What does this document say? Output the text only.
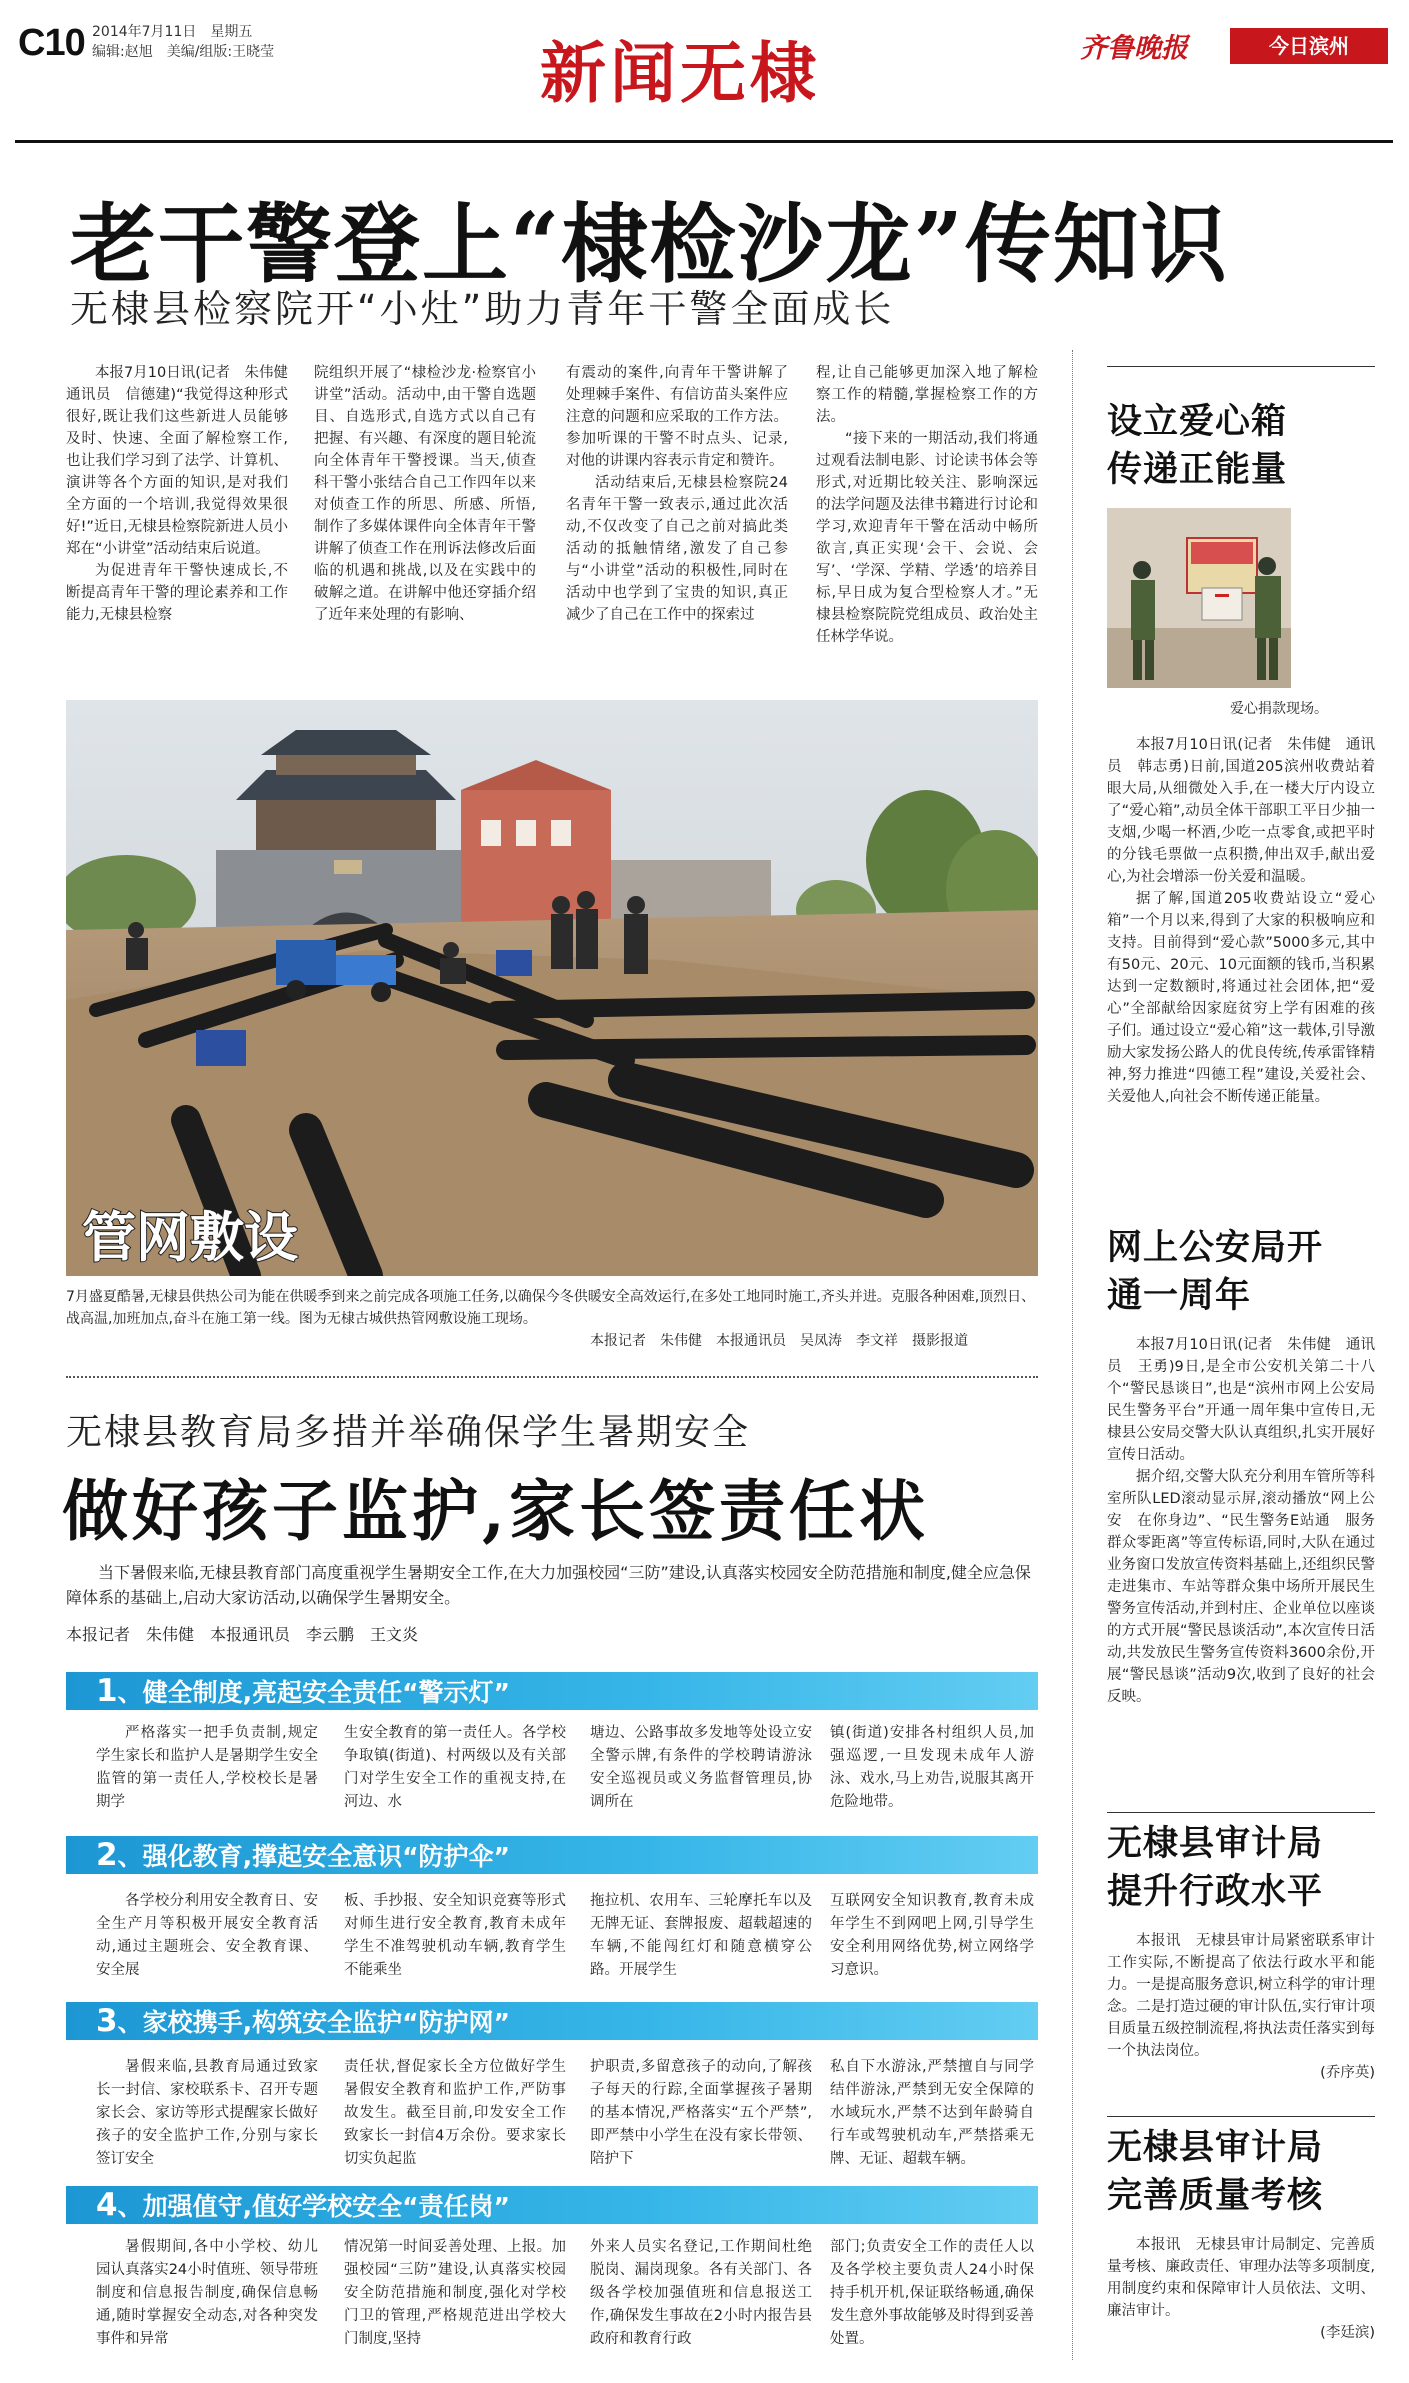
C10 2014年7月11日　星期五
编辑:赵旭　美编/组版:王晓莹	新闻无棣	齐鲁晚报	今日滨州
老干警登上“棣检沙龙”传知识
无棣县检察院开“小灶”助力青年干警全面成长

本报7月10日讯(记者　朱伟健　通讯员　信德建)“我觉得这种形式很好,既让我们这些新进人员能够及时、快速、全面了解检察工作,也让我们学习到了法学、计算机、演讲等各个方面的知识,是对我们全方面的一个培训,我觉得效果很好!”近日,无棣县检察院新进人员小郑在“小讲堂”活动结束后说道。

为促进青年干警快速成长,不断提高青年干警的理论素养和工作能力,无棣县检察

院组织开展了“棣检沙龙·检察官小讲堂”活动。活动中,由干警自选题目、自选形式,自选方式以自己有把握、有兴趣、有深度的题目轮流向全体青年干警授课。当天,侦查科干警小张结合自己工作四年以来对侦查工作的所思、所感、所悟,制作了多媒体课件向全体青年干警讲解了侦查工作在刑诉法修改后面临的机遇和挑战,以及在实践中的破解之道。在讲解中他还穿插介绍了近年来处理的有影响、

有震动的案件,向青年干警讲解了处理棘手案件、有信访苗头案件应注意的问题和应采取的工作方法。参加听课的干警不时点头、记录,对他的讲课内容表示肯定和赞许。

活动结束后,无棣县检察院24名青年干警一致表示,通过此次活动,不仅改变了自己之前对搞此类活动的抵触情绪,激发了自己参与“小讲堂”活动的积极性,同时在活动中也学到了宝贵的知识,真正减少了自己在工作中的探索过

程,让自己能够更加深入地了解检察工作的精髓,掌握检察工作的方法。

“接下来的一期活动,我们将通过观看法制电影、讨论读书体会等形式,对近期比较关注、影响深远的法学问题及法律书籍进行讨论和学习,欢迎青年干警在活动中畅所欲言,真正实现‘会干、会说、会写’、‘学深、学精、学透’的培养目标,早日成为复合型检察人才。”无棣县检察院院党组成员、政治处主任林学华说。

管网敷设
7月盛夏酷暑,无棣县供热公司为能在供暖季到来之前完成各项施工任务,以确保今冬供暖安全高效运行,在多处工地同时施工,齐头并进。克服各种困难,顶烈日、战高温,加班加点,奋斗在施工第一线。图为无棣古城供热管网敷设施工现场。
本报记者　朱伟健　本报通讯员　吴凤涛　李文祥　摄影报道
无棣县教育局多措并举确保学生暑期安全
做好孩子监护,家长签责任状
当下暑假来临,无棣县教育部门高度重视学生暑期安全工作,在大力加强校园“三防”建设,认真落实校园安全防范措施和制度,健全应急保障体系的基础上,启动大家访活动,以确保学生暑期安全。
本报记者　朱伟健　本报通讯员　李云鹏　王文炎
1、健全制度,亮起安全责任“警示灯”

严格落实一把手负责制,规定学生家长和监护人是暑期学生安全监管的第一责任人,学校校长是暑期学

生安全教育的第一责任人。各学校争取镇(街道)、村两级以及有关部门对学生安全工作的重视支持,在河边、水

塘边、公路事故多发地等处设立安全警示牌,有条件的学校聘请游泳安全巡视员或义务监督管理员,协调所在

镇(街道)安排各村组织人员,加强巡逻,一旦发现未成年人游泳、戏水,马上劝告,说服其离开危险地带。

2、强化教育,撑起安全意识“防护伞”

各学校分利用安全教育日、安全生产月等积极开展安全教育活动,通过主题班会、安全教育课、安全展

板、手抄报、安全知识竞赛等形式对师生进行安全教育,教育未成年学生不准驾驶机动车辆,教育学生不能乘坐

拖拉机、农用车、三轮摩托车以及无牌无证、套牌报废、超载超速的车辆,不能闯红灯和随意横穿公路。开展学生

互联网安全知识教育,教育未成年学生不到网吧上网,引导学生安全利用网络优势,树立网络学习意识。

3、家校携手,构筑安全监护“防护网”

暑假来临,县教育局通过致家长一封信、家校联系卡、召开专题家长会、家访等形式提醒家长做好孩子的安全监护工作,分别与家长签订安全

责任状,督促家长全方位做好学生暑假安全教育和监护工作,严防事故发生。截至目前,印发安全工作致家长一封信4万余份。要求家长切实负起监

护职责,多留意孩子的动向,了解孩子每天的行踪,全面掌握孩子暑期的基本情况,严格落实“五个严禁”,即严禁中小学生在没有家长带领、陪护下

私自下水游泳,严禁擅自与同学结伴游泳,严禁到无安全保障的水域玩水,严禁不达到年龄骑自行车或驾驶机动车,严禁搭乘无牌、无证、超载车辆。

4、加强值守,值好学校安全“责任岗”

暑假期间,各中小学校、幼儿园认真落实24小时值班、领导带班制度和信息报告制度,确保信息畅通,随时掌握安全动态,对各种突发事件和异常

情况第一时间妥善处理、上报。加强校园“三防”建设,认真落实校园安全防范措施和制度,强化对学校门卫的管理,严格规范进出学校大门制度,坚持

外来人员实名登记,工作期间杜绝脱岗、漏岗现象。各有关部门、各级各学校加强值班和信息报送工作,确保发生事故在2小时内报告县政府和教育行政

部门;负责安全工作的责任人以及各学校主要负责人24小时保持手机开机,保证联络畅通,确保发生意外事故能够及时得到妥善处置。

设立爱心箱传递正能量
爱心捐款现场。

本报7月10日讯(记者　朱伟健　通讯员　韩志勇)日前,国道205滨州收费站着眼大局,从细微处入手,在一楼大厅内设立了“爱心箱”,动员全体干部职工平日少抽一支烟,少喝一杯酒,少吃一点零食,或把平时的分钱毛票做一点积攒,伸出双手,献出爱心,为社会增添一份关爱和温暖。

据了解,国道205收费站设立“爱心箱”一个月以来,得到了大家的积极响应和支持。目前得到“爱心款”5000多元,其中有50元、20元、10元面额的钱币,当积累达到一定数额时,将通过社会团体,把“爱心”全部献给因家庭贫穷上学有困难的孩子们。通过设立“爱心箱”这一载体,引导激励大家发扬公路人的优良传统,传承雷锋精神,努力推进“四德工程”建设,关爱社会、关爱他人,向社会不断传递正能量。

网上公安局开通一周年

本报7月10日讯(记者　朱伟健　通讯员　王勇)9日,是全市公安机关第二十八个“警民恳谈日”,也是“滨州市网上公安局民生警务平台”开通一周年集中宣传日,无棣县公安局交警大队认真组织,扎实开展好宣传日活动。

据介绍,交警大队充分利用车管所等科室所队LED滚动显示屏,滚动播放“网上公安　在你身边”、“民生警务E站通　服务群众零距离”等宣传标语,同时,大队在通过业务窗口发放宣传资料基础上,还组织民警走进集市、车站等群众集中场所开展民生警务宣传活动,并到村庄、企业单位以座谈的方式开展“警民恳谈活动”,本次宣传日活动,共发放民生警务宣传资料3600余份,开展“警民恳谈”活动9次,收到了良好的社会反映。

无棣县审计局提升行政水平

本报讯　无棣县审计局紧密联系审计工作实际,不断提高了依法行政水平和能力。一是提高服务意识,树立科学的审计理念。二是打造过硬的审计队伍,实行审计项目质量五级控制流程,将执法责任落实到每一个执法岗位。

(乔序英)
无棣县审计局完善质量考核

本报讯　无棣县审计局制定、完善质量考核、廉政责任、审理办法等多项制度,用制度约束和保障审计人员依法、文明、廉洁审计。

(李廷滨)
